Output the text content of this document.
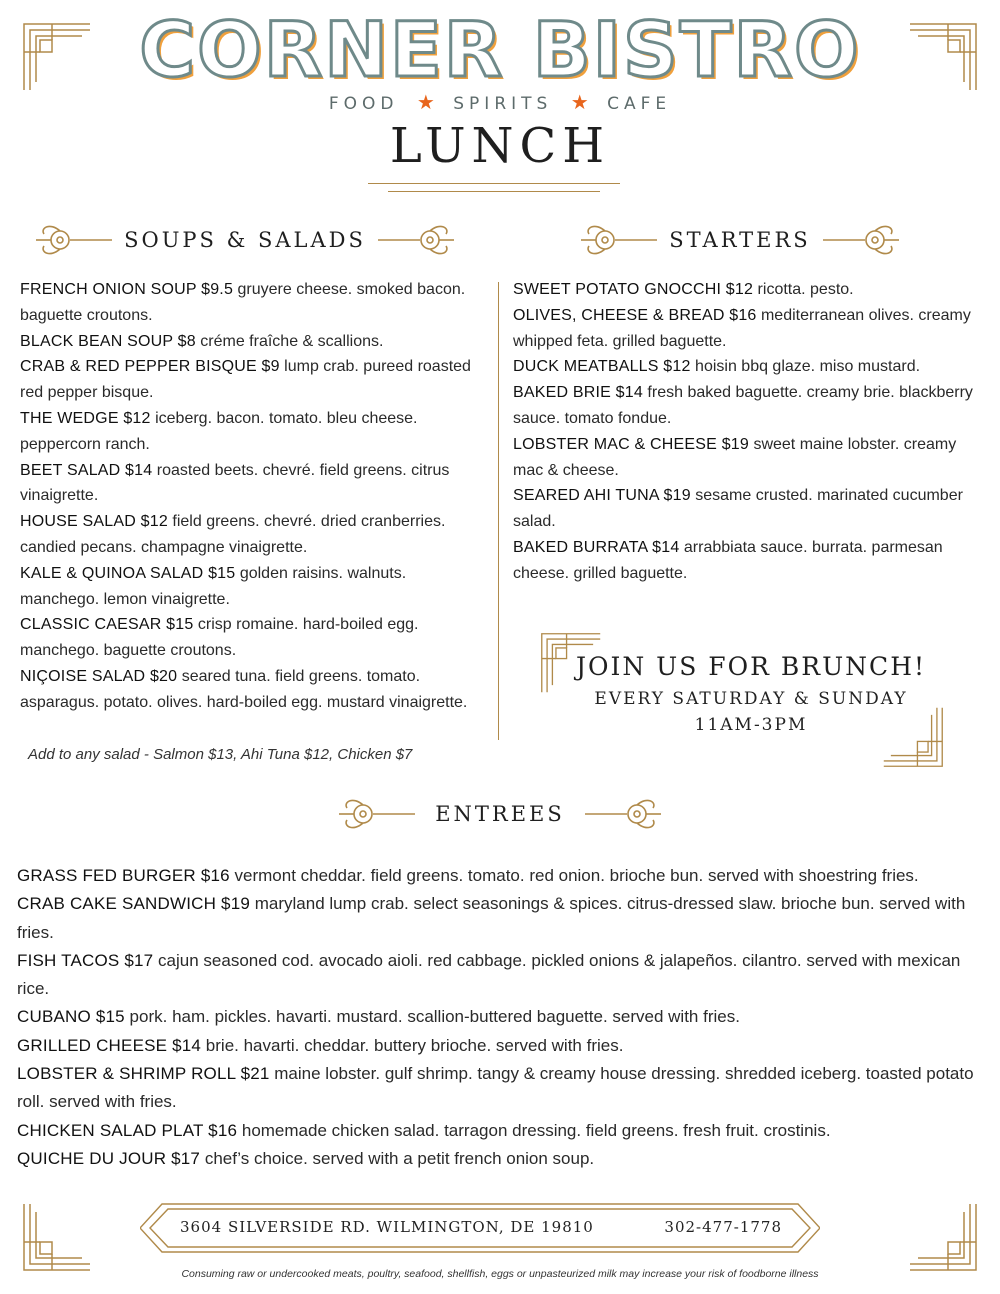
CORNER BISTRO
FOOD ★ SPIRITS ★ CAFE
LUNCH
SOUPS & SALADS	STARTERS
FRENCH ONION SOUP $9.5 gruyere cheese. smoked bacon. baguette croutons.
BLACK BEAN SOUP $8 créme fraîche & scallions.
CRAB & RED PEPPER BISQUE $9 lump crab. pureed roasted red pepper bisque.
THE WEDGE $12 iceberg. bacon. tomato. bleu cheese. peppercorn ranch.
BEET SALAD $14 roasted beets. chevré. field greens. citrus vinaigrette.
HOUSE SALAD $12 field greens. chevré. dried cranberries. candied pecans. champagne vinaigrette.
KALE & QUINOA SALAD $15 golden raisins. walnuts. manchego. lemon vinaigrette.
CLASSIC CAESAR $15 crisp romaine. hard-boiled egg. manchego. baguette croutons.
NIÇOISE SALAD $20 seared tuna. field greens. tomato. asparagus. potato. olives. hard-boiled egg. mustard vinaigrette.
Add to any salad - Salmon $13, Ahi Tuna $12, Chicken $7
SWEET POTATO GNOCCHI $12 ricotta. pesto.
OLIVES, CHEESE & BREAD $16 mediterranean olives. creamy whipped feta. grilled baguette.
DUCK MEATBALLS $12 hoisin bbq glaze. miso mustard.
BAKED BRIE $14 fresh baked baguette. creamy brie. blackberry sauce. tomato fondue.
LOBSTER MAC & CHEESE $19 sweet maine lobster. creamy mac & cheese.
SEARED AHI TUNA $19 sesame crusted. marinated cucumber salad.
BAKED BURRATA $14 arrabbiata sauce. burrata. parmesan cheese. grilled baguette.
JOIN US FOR BRUNCH!
EVERY SATURDAY & SUNDAY
11AM-3PM
ENTREES
GRASS FED BURGER $16 vermont cheddar. field greens. tomato. red onion. brioche bun. served with shoestring fries.
CRAB CAKE SANDWICH $19 maryland lump crab. select seasonings & spices. citrus-dressed slaw. brioche bun. served with fries.
FISH TACOS $17 cajun seasoned cod. avocado aioli. red cabbage. pickled onions & jalapeños. cilantro. served with mexican rice.
CUBANO $15 pork. ham. pickles. havarti. mustard. scallion-buttered baguette. served with fries.
GRILLED CHEESE $14 brie. havarti. cheddar. buttery brioche. served with fries.
LOBSTER & SHRIMP ROLL $21 maine lobster. gulf shrimp. tangy & creamy house dressing. shredded iceberg. toasted potato roll. served with fries.
CHICKEN SALAD PLAT $16 homemade chicken salad. tarragon dressing. field greens. fresh fruit. crostinis.
QUICHE DU JOUR $17 chef’s choice. served with a petit french onion soup.
3604 SILVERSIDE RD. WILMINGTON, DE 19810	302-477-1778
Consuming raw or undercooked meats, poultry, seafood, shellfish, eggs or unpasteurized milk may increase your risk of foodborne illness
